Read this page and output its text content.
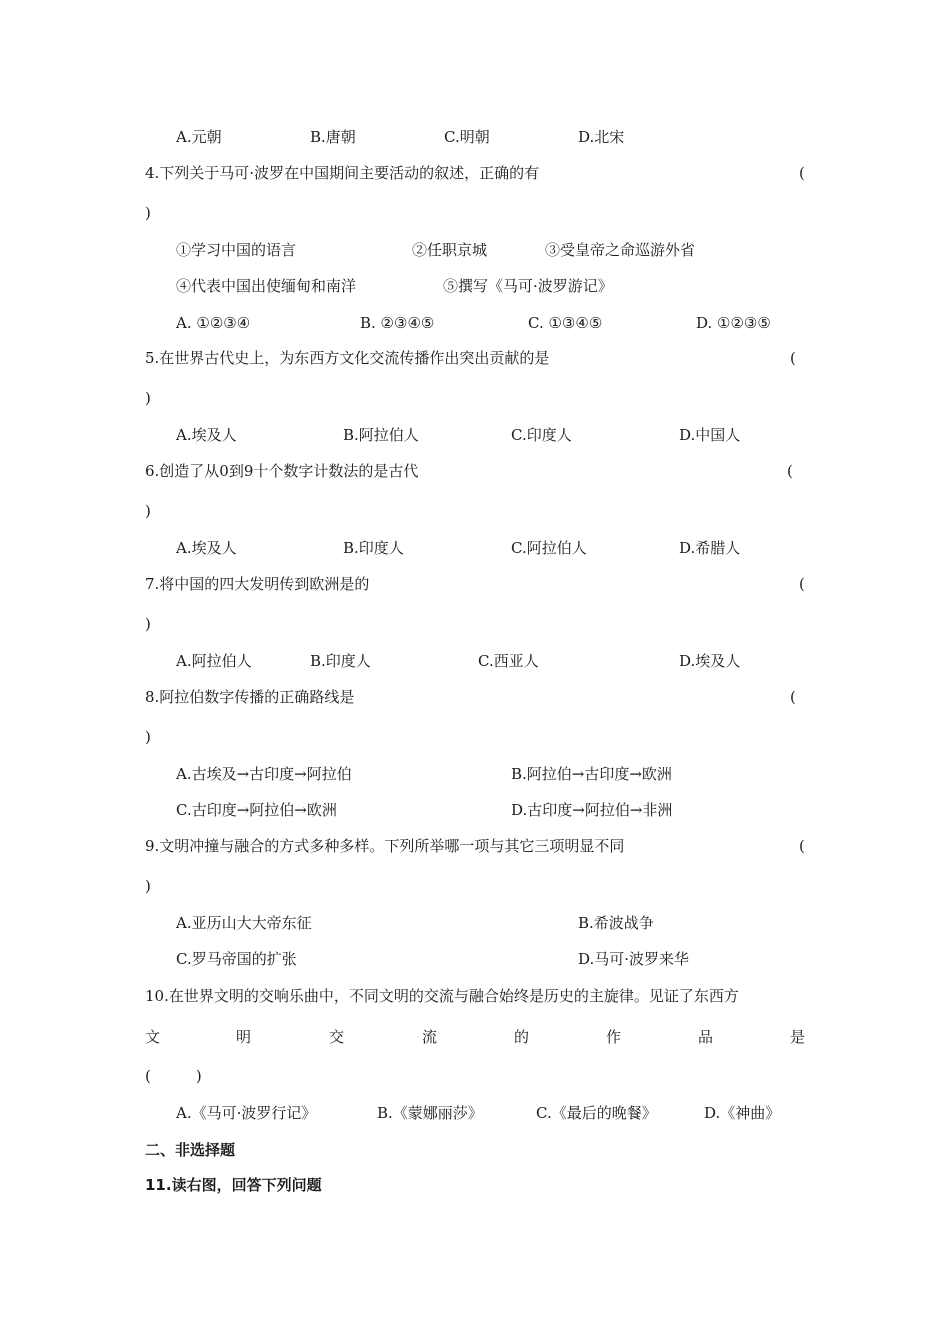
A.元朝	B.唐朝	C.明朝	D.北宋
4.下列关于马可·波罗在中国期间主要活动的叙述，正确的有	(
)
①学习中国的语言	②任职京城	③受皇帝之命巡游外省
④代表中国出使缅甸和南洋	⑤撰写《马可·波罗游记》
A. ①②③④	B. ②③④⑤	C. ①③④⑤	D. ①②③⑤
5.在世界古代史上，为东西方文化交流传播作出突出贡献的是	(
)
A.埃及人	B.阿拉伯人	C.印度人	D.中国人
6.创造了从0到9十个数字计数法的是古代	(
)
A.埃及人	B.印度人	C.阿拉伯人	D.希腊人
7.将中国的四大发明传到欧洲是的	(
)
A.阿拉伯人	B.印度人	C.西亚人	D.埃及人
8.阿拉伯数字传播的正确路线是	(
)
A.古埃及→古印度→阿拉伯	B.阿拉伯→古印度→欧洲
C.古印度→阿拉伯→欧洲	D.古印度→阿拉伯→非洲
9.文明冲撞与融合的方式多种多样。下列所举哪一项与其它三项明显不同	(
)
A.亚历山大大帝东征	B.希波战争
C.罗马帝国的扩张	D.马可·波罗来华
10.在世界文明的交响乐曲中，不同文明的交流与融合始终是历史的主旋律。见证了东西方
文	明	交	流	的	作	品	是
(　　　)
A.《马可·波罗行记》	B.《蒙娜丽莎》	C.《最后的晚餐》	D.《神曲》
二、非选择题
11.读右图，回答下列问题
